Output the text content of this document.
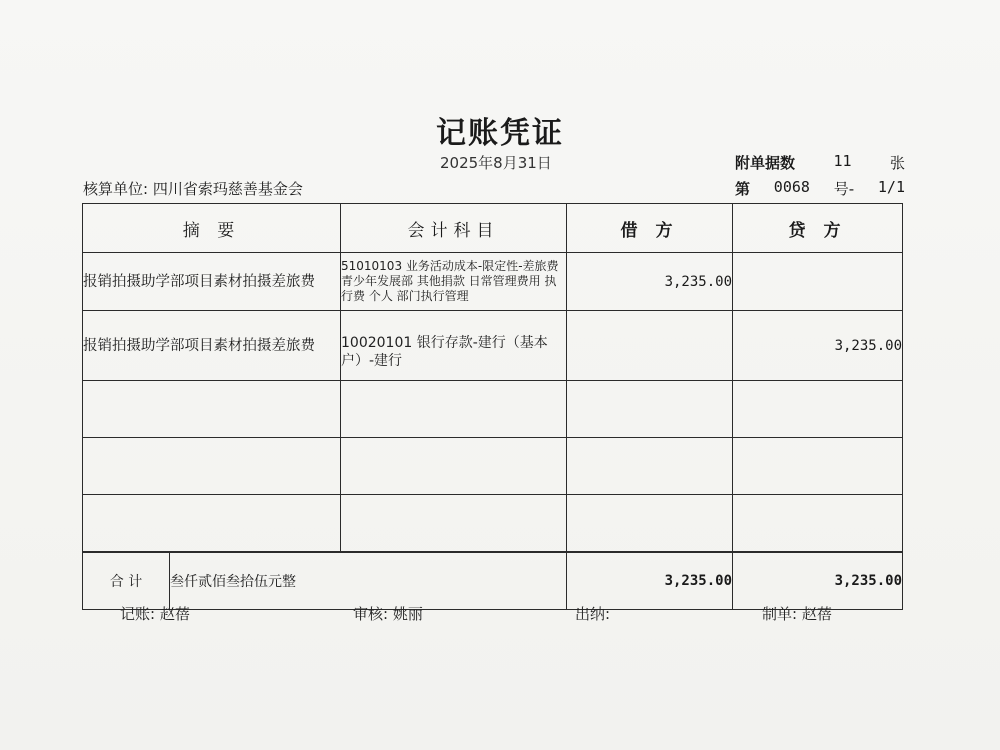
记账凭证
2025年8月31日	附单据数	11	张
核算单位: 四川省索玛慈善基金会	第 0068 号- 1/1
摘 要	会计科目	借 方	贷 方
报销拍摄助学部项目素材拍摄差旅费	51010103 业务活动成本-限定性-差旅费 青少年发展部 其他捐款 日常管理费用 执行费 个人 部门执行管理	3,235.00	
报销拍摄助学部项目素材拍摄差旅费	10020101 银行存款-建行（基本户）-建行		3,235.00

合 计 叁仟贰佰叁拾伍元整		3,235.00	3,235.00
记账: 赵蓓	审核: 姚丽	出纳:	制单: 赵蓓
